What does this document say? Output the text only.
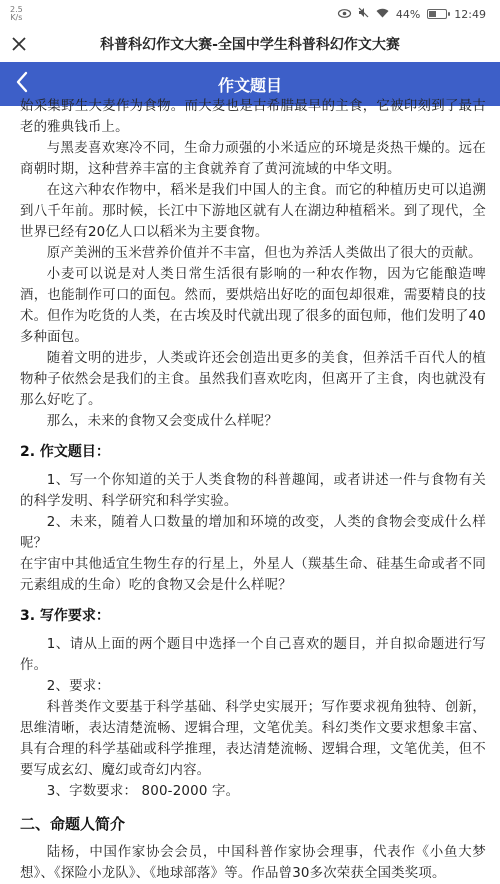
2.5
K/s	44%	12:49
科普科幻作文大赛-全国中学生科普科幻作文大赛
作文题目

始采集野生大麦作为食物。而大麦也是古希腊最早的主食，它被印刻到了最古老的雅典钱币上。

与黑麦喜欢寒冷不同，生命力顽强的小米适应的环境是炎热干燥的。远在商朝时期，这种营养丰富的主食就养育了黄河流域的中华文明。

在这六种农作物中，稻米是我们中国人的主食。而它的种植历史可以追溯到八千年前。那时候，长江中下游地区就有人在湖边种植稻米。到了现代，全世界已经有20亿人口以稻米为主要食物。

原产美洲的玉米营养价值并不丰富，但也为养活人类做出了很大的贡献。

小麦可以说是对人类日常生活很有影响的一种农作物，因为它能酿造啤酒，也能制作可口的面包。然而，要烘焙出好吃的面包却很难，需要精良的技术。但作为吃货的人类，在古埃及时代就出现了很多的面包师，他们发明了40多种面包。

随着文明的进步，人类或许还会创造出更多的美食，但养活千百代人的植物种子依然会是我们的主食。虽然我们喜欢吃肉，但离开了主食，肉也就没有那么好吃了。

那么，未来的食物又会变成什么样呢？

2. 作文题目：

1、写一个你知道的关于人类食物的科普趣闻，或者讲述一件与食物有关的科学发明、科学研究和科学实验。

2、未来，随着人口数量的增加和环境的改变，人类的食物会变成什么样呢？

在宇宙中其他适宜生物生存的行星上，外星人（羰基生命、硅基生命或者不同元素组成的生命）吃的食物又会是什么样呢？

3. 写作要求：

1、请从上面的两个题目中选择一个自己喜欢的题目，并自拟命题进行写作。

2、要求：

科普类作文要基于科学基础、科学史实展开；写作要求视角独特、创新，思维清晰，表达清楚流畅、逻辑合理，文笔优美。科幻类作文要求想象丰富、具有合理的科学基础或科学推理，表达清楚流畅、逻辑合理，文笔优美，但不要写成玄幻、魔幻或奇幻内容。

3、字数要求： 800-2000 字。

二、命题人简介

陆杨，中国作家协会会员，中国科普作家协会理事，代表作《小鱼大梦想》、《探险小龙队》、《地球部落》等。作品曾30多次荣获全国类奖项。
